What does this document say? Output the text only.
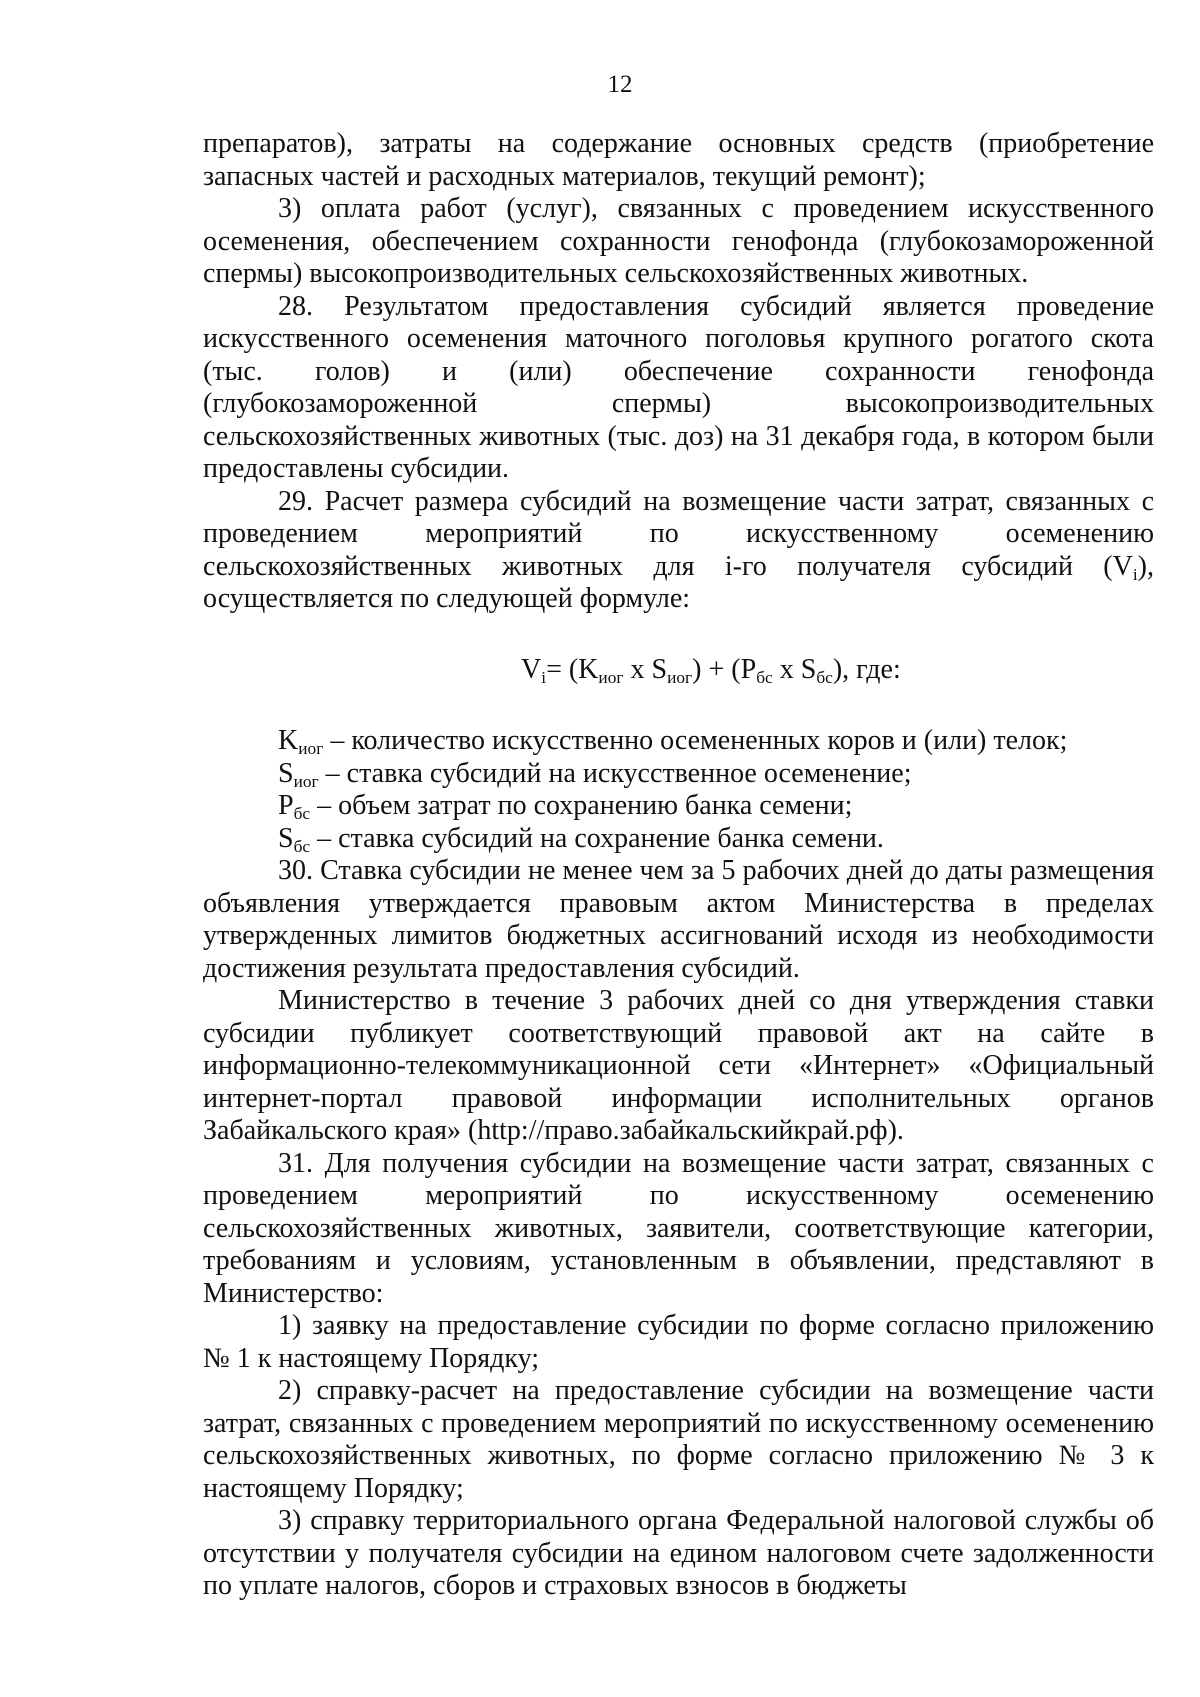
12
препаратов), затраты на содержание основных средств (приобретение запасных частей и расходных материалов, текущий ремонт);
3) оплата работ (услуг), связанных с проведением искусственного осеменения, обеспечением сохранности генофонда (глубокозамороженной спермы) высокопроизводительных сельскохозяйственных животных.
28. Результатом предоставления субсидий является проведение искусственного осеменения маточного поголовья крупного рогатого скота (тыс. голов) и (или) обеспечение сохранности генофонда (глубокозамороженной спермы) высокопроизводительных сельскохозяйственных животных (тыс. доз) на 31 декабря года, в котором были предоставлены субсидии.
29. Расчет размера субсидий на возмещение части затрат, связанных с проведением мероприятий по искусственному осеменению сельскохозяйственных животных для i-го получателя субсидий $(V_i)$, осуществляется по следующей формуле:
$V_i= (K_{иог}$ x $S_{иог}) + (P_{бс}$ x $S_{бс}$), где:
$K_{иог}$ – количество искусственно осемененных коров и (или) телок;
$S_{иог}$ – ставка субсидий на искусственное осеменение;
$P_{бс}$ – объем затрат по сохранению банка семени;
$S_{бс}$ – ставка субсидий на сохранение банка семени.
30. Ставка субсидии не менее чем за 5 рабочих дней до даты размещения объявления утверждается правовым актом Министерства в пределах утвержденных лимитов бюджетных ассигнований исходя из необходимости достижения результата предоставления субсидий.
Министерство в течение 3 рабочих дней со дня утверждения ставки субсидии публикует соответствующий правовой акт на сайте в информационно-телекоммуникационной сети «Интернет» «Официальный интернет-портал правовой информации исполнительных органов Забайкальского края» (http://право.забайкальскийкрай.рф).
31. Для получения субсидии на возмещение части затрат, связанных с проведением мероприятий по искусственному осеменению сельскохозяйственных животных, заявители, соответствующие категории, требованиям и условиям, установленным в объявлении, представляют в Министерство:
1) заявку на предоставление субсидии по форме согласно приложению № 1 к настоящему Порядку;
2) справку-расчет на предоставление субсидии на возмещение части затрат, связанных с проведением мероприятий по искусственному осеменению сельскохозяйственных животных, по форме согласно приложению № 3 к настоящему Порядку;
3) справку территориального органа Федеральной налоговой службы об отсутствии у получателя субсидии на едином налоговом счете задолженности по уплате налогов, сборов и страховых взносов в бюджеты
